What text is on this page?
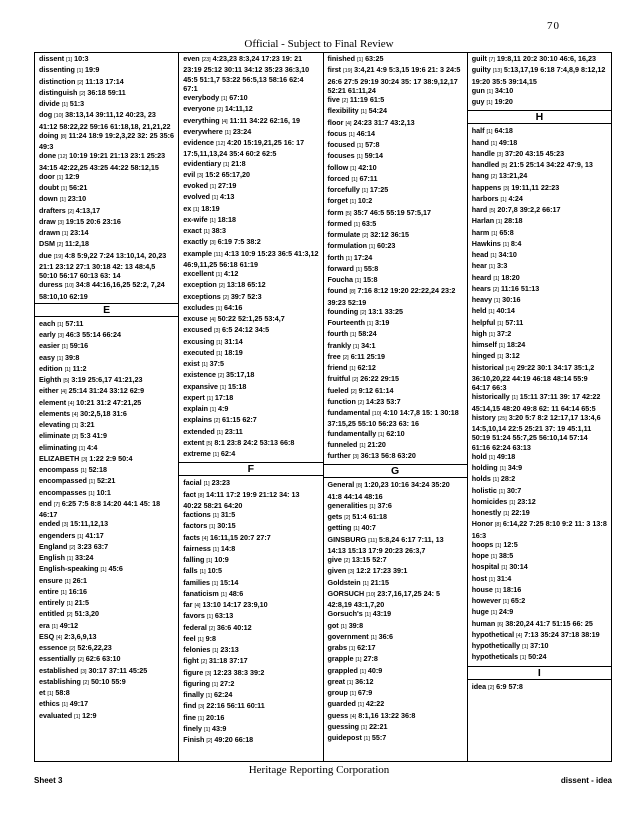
70
Official - Subject to Final Review
dissent [1] 10:3
dissenting [1] 19:9
distinction [2] 11:13 17:14
distinguish [2] 36:18 59:11
divide [1] 51:3
dog [10] 38:13,14 39:11,12 40:23, 23 41:12 58:22,22 59:16 61:18,18, 21,21,22
doing [8] 11:24 18:9 19:2,3,22 32: 25 35:6 49:3
done [12] 10:19 19:21 21:13 23:1 25:23 34:15 42:22,25 43:25 44:22 58:12,15
door [1] 12:9
doubt [1] 56:21
down [1] 23:10
drafters [2] 4:13,17
draw [3] 19:15 20:6 23:16
drawn [1] 23:14
DSM [2] 11:2,18
due [19] 4:8 5:9,22 7:24 13:10,14, 20,23 21:1 23:12 27:1 30:18 42: 13 48:4,5 50:10 56:17 60:13 63: 14
duress [10] 34:8 44:16,16,25 52:2, 7,24 58:10,10 62:19
E
each [1] 57:11
early [3] 46:3 55:14 66:24
easier [1] 59:16
easy [1] 39:8
edition [1] 11:2
Eighth [5] 3:19 25:6,17 41:21,23
either [4] 25:14 31:24 33:12 62:9
element [4] 10:21 31:2 47:21,25
elements [4] 30:2,5,18 31:6
elevating [1] 3:21
eliminate [2] 5:3 41:9
eliminating [1] 4:4
ELIZABETH [3] 1:22 2:9 50:4
encompass [1] 52:18
encompassed [1] 52:21
encompasses [1] 10:1
end [7] 6:25 7:5 8:8 14:20 44:1 45: 18 46:17
ended [3] 15:11,12,13
engenders [1] 41:17
England [2] 3:23 63:7
English [1] 33:24
English-speaking [1] 45:6
ensure [1] 26:1
entire [1] 16:16
entirely [1] 21:5
entitled [2] 51:3,20
era [1] 49:12
ESQ [4] 2:3,6,9,13
essence [2] 52:6,22,23
essentially [2] 62:6 63:10
established [3] 30:17 37:11 45:25
establishing [2] 50:10 55:9
et [1] 58:8
ethics [1] 49:17
evaluated [1] 12:9
even [23] 4:23,23 8:3,24 17:23 19: 21 23:19 25:12 30:11 34:12 35:23 36:3,10 45:5 51:1,7 53:22 56:5,13 58:16 62:4 67:1
everybody [1] 67:10
everyone [2] 14:11,12
everything [4] 11:11 34:22 62:16, 19
everywhere [1] 23:24
evidence [12] 4:20 15:19,21,25 16: 17 17:5,11,13,24 35:4 60:2 62:5
evidentiary [1] 21:8
evil [3] 15:2 65:17,20
evoked [1] 27:19
evolved [1] 4:13
ex [1] 18:19
ex-wife [1] 18:18
exact [1] 38:3
exactly [3] 6:19 7:5 38:2
example [11] 4:13 10:9 15:23 36:5 41:3,12 46:9,11,25 56:18 61:19
excellent [1] 4:12
exception [2] 13:18 65:12
exceptions [2] 39:7 52:3
excludes [1] 64:16
excuse [4] 50:22 52:1,25 53:4,7
excused [3] 6:5 24:12 34:5
excusing [1] 31:14
executed [1] 18:19
exist [1] 37:5
existence [2] 35:17,18
expansive [1] 15:18
expert [1] 17:18
explain [1] 4:9
explains [2] 61:15 62:7
extended [1] 23:11
extent [5] 8:1 23:8 24:2 53:13 66:8
extreme [1] 62:4
F
facial [1] 23:23
fact [8] 14:11 17:2 19:9 21:12 34: 13 40:22 58:21 64:20
factions [1] 31:5
factors [1] 30:15
facts [4] 16:11,15 20:7 27:7
fairness [1] 14:8
falling [1] 10:9
falls [1] 10:5
families [1] 15:14
fanaticism [1] 48:6
far [4] 13:10 14:17 23:9,10
favors [1] 63:13
federal [2] 36:6 40:12
feel [1] 9:8
felonies [1] 23:13
fight [2] 31:18 37:17
figure [3] 12:23 38:3 39:2
figuring [1] 27:2
finally [1] 62:24
find [3] 22:16 56:11 60:11
fine [1] 20:16
finely [1] 43:9
Finish [2] 49:20 66:18
finished [1] 63:25
first [19] 3:4,21 4:9 5:3,15 19:6 21: 3 24:5 26:6 27:5 29:19 30:24 35: 17 38:9,12,17 52:21 61:11,24
five [2] 11:19 61:5
flexibility [1] 54:24
floor [4] 24:23 31:7 43:2,13
focus [1] 46:14
focused [1] 57:8
focuses [1] 59:14
follow [1] 42:10
forced [1] 67:11
forcefully [1] 17:25
forget [1] 10:2
form [5] 35:7 46:5 55:19 57:5,17
formed [1] 63:5
formulate [2] 32:12 36:15
formulation [1] 60:23
forth [1] 17:24
forward [1] 55:8
Foucha [1] 15:8
found [8] 7:16 8:12 19:20 22:22,24 23:2 39:23 52:19
founding [2] 13:1 33:25
Fourteenth [1] 3:19
fourth [1] 58:24
frankly [1] 34:1
free [2] 6:11 25:19
friend [1] 62:12
fruitful [2] 26:22 29:15
fueled [2] 9:12 61:14
function [2] 14:23 53:7
fundamental [10] 4:10 14:7,8 15: 1 30:18 37:15,25 55:10 56:23 63: 16
fundamentally [1] 62:10
funneled [1] 21:20
further [3] 36:13 56:8 63:20
G
General [8] 1:20,23 10:16 34:24 35:20 41:8 44:14 48:16
generalities [1] 37:6
gets [2] 51:4 61:18
getting [1] 40:7
GINSBURG [11] 5:8,24 6:17 7:11, 13 14:13 15:13 17:9 20:23 26:3,7
give [2] 13:15 52:7
given [3] 12:2 17:23 39:1
Goldstein [1] 21:15
GORSUCH [10] 23:7,16,17,25 24: 5 42:8,19 43:1,7,20
Gorsuch's [1] 43:19
got [1] 39:8
government [1] 36:6
grabs [1] 62:17
grapple [1] 27:8
grappled [1] 40:9
great [1] 36:12
group [1] 67:9
guarded [1] 42:22
guess [4] 8:1,16 13:22 36:8
guessing [1] 22:21
guidepost [1] 55:7
guilt [7] 19:8,11 20:2 30:10 46:6, 16,23
guilty [13] 5:13,17,19 6:18 7:4,8,9 8:12,12 19:20 35:5 39:14,15
gun [1] 34:10
guy [1] 19:20
H
half [1] 64:18
hand [1] 49:18
handle [3] 37:20 43:15 45:23
handled [5] 21:5 25:14 34:22 47:9, 13
hang [2] 13:21,24
happens [3] 19:11,11 22:23
harbors [1] 4:24
hard [5] 20:7,8 39:2,2 66:17
Harlan [1] 28:18
harm [1] 65:8
Hawkins [1] 8:4
head [1] 34:10
hear [1] 3:3
heard [1] 18:20
hears [2] 11:16 51:13
heavy [1] 30:16
held [1] 40:14
helpful [1] 57:11
high [1] 37:2
himself [1] 18:24
hinged [1] 3:12
historical [14] 29:22 30:1 34:17 35:1,2 36:10,20,22 44:19 46:18 48:14 55:9 64:17 66:3
historically [1] 15:11 37:11 39: 17 42:22 45:14,15 48:20 49:8 62: 11 64:14 65:5
history [25] 3:20 5:7 8:2 12:17,17 13:4,6 14:5,10,14 22:5 25:21 37: 19 45:1,11 50:19 51:24 55:7,25 56:10,14 57:14 61:16 62:24 63:13
hold [1] 49:18
holding [1] 34:9
holds [1] 28:2
holistic [1] 30:7
homicides [1] 23:12
honestly [1] 22:19
Honor [8] 6:14,22 7:25 8:10 9:2 11: 3 13:8 16:3
hoops [1] 12:5
hope [1] 38:5
hospital [1] 30:14
host [1] 31:4
house [1] 18:16
however [1] 65:2
huge [1] 24:9
human [6] 38:20,24 41:7 51:15 66: 25
hypothetical [4] 7:13 35:24 37:18 38:19
hypothetically [1] 37:10
hypotheticals [1] 50:24
I
idea [2] 6:9 57:8
Heritage Reporting Corporation
Sheet 3	dissent - idea
